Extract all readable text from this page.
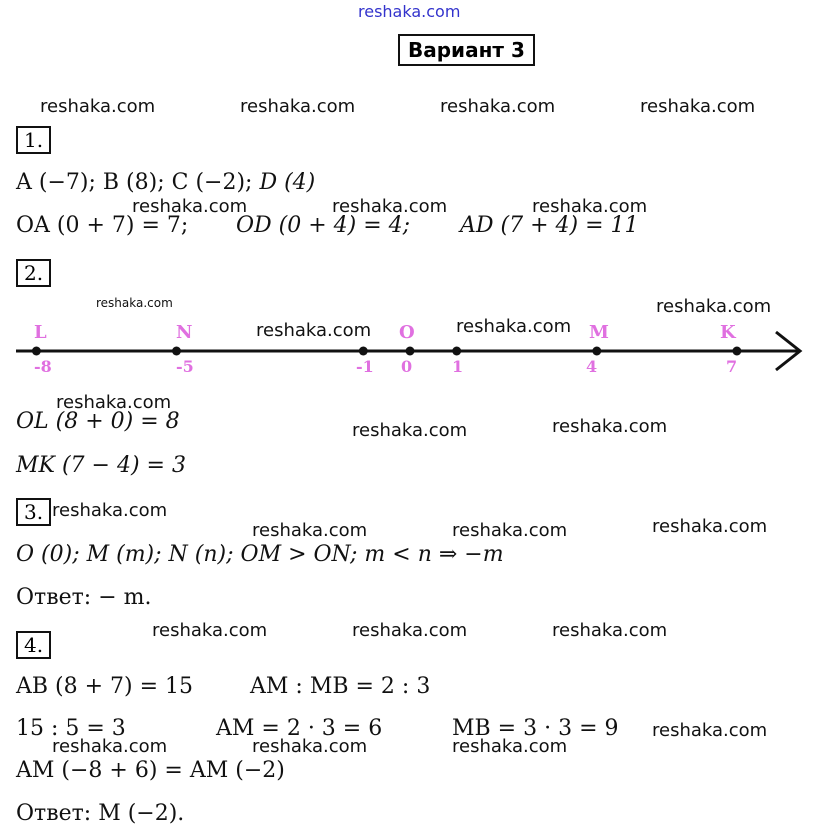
reshaka.com
Вариант 3
reshaka.com	reshaka.com	reshaka.com	reshaka.com
1.
A (−7); B (8); C (−2); D (4)
reshaka.com	reshaka.com	reshaka.com
OA (0 + 7) = 7; OD (0 + 4) = 4; AD (7 + 4) = 11
2.
reshaka.com	reshaka.com
reshaka.com	reshaka.com
L	N	O	M	K
-8	-5	-1 0 1	4	7
reshaka.com
OL (8 + 0) = 8	reshaka.com	reshaka.com
MK (7 − 4) = 3
3. reshaka.com
reshaka.com	reshaka.com	reshaka.com
O (0); M (m); N (n); OM > ON; m < n ⇒ −m
Ответ: − m.
4.
reshaka.com	reshaka.com	reshaka.com
AB (8 + 7) = 15	AM : MB = 2 : 3
15 : 5 = 3	AM = 2 · 3 = 6	MB = 3 · 3 = 9 reshaka.com
reshaka.com	reshaka.com	reshaka.com
AM (−8 + 6) = AM (−2)
Ответ: M (−2).
